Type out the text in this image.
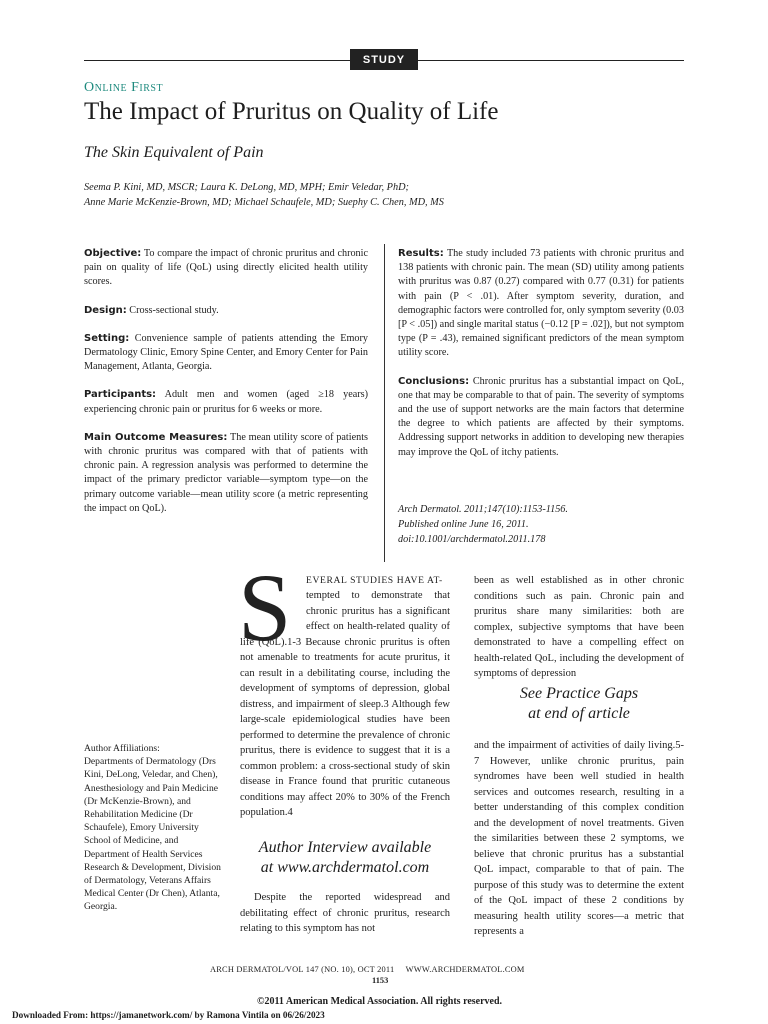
STUDY
Online First
The Impact of Pruritus on Quality of Life
The Skin Equivalent of Pain
Seema P. Kini, MD, MSCR; Laura K. DeLong, MD, MPH; Emir Veledar, PhD;
Anne Marie McKenzie-Brown, MD; Michael Schaufele, MD; Suephy C. Chen, MD, MS

Objective: To compare the impact of chronic pruritus and chronic pain on quality of life (QoL) using directly elicited health utility scores.

Design: Cross-sectional study.

Setting: Convenience sample of patients attending the Emory Dermatology Clinic, Emory Spine Center, and Emory Center for Pain Management, Atlanta, Georgia.

Participants: Adult men and women (aged ≥18 years) experiencing chronic pain or pruritus for 6 weeks or more.

Main Outcome Measures: The mean utility score of patients with chronic pruritus was compared with that of patients with chronic pain. A regression analysis was performed to determine the impact of the primary predictor variable—symptom type—on the primary outcome variable—mean utility score (a metric representing the impact on QoL).

Results: The study included 73 patients with chronic pruritus and 138 patients with chronic pain. The mean (SD) utility among patients with pruritus was 0.87 (0.27) compared with 0.77 (0.31) for patients with pain (P < .01). After symptom severity, duration, and demographic factors were controlled for, only symptom severity (0.03 [P < .05]) and single marital status (−0.12 [P = .02]), but not symptom type (P = .43), remained significant predictors of the mean symptom utility score.

Conclusions: Chronic pruritus has a substantial impact on QoL, one that may be comparable to that of pain. The severity of symptoms and the use of support networks are the main factors that determine the degree to which patients are affected by their symptoms. Addressing support networks in addition to developing new therapies may improve the QoL of itchy patients.

Arch Dermatol. 2011;147(10):1153-1156.
Published online June 16, 2011.
doi:10.1001/archdermatol.2011.178
S	EVERAL STUDIES HAVE AT-

tempted to demonstrate that chronic pruritus has a significant effect on health-related quality of life (QoL).1-3 Because chronic pruritus is often not amenable to treatments for acute pruritus, it can result in a debilitating course, including the development of symptoms of depression, global distress, and impairment of sleep.3 Although few large-scale epidemiological studies have been performed to determine the prevalence of chronic pruritus, there is evidence to suggest that it is a common problem: a cross-sectional study of skin disease in France found that pruritic cutaneous conditions may affect 20% to 30% of the French population.4
Author Interview available
at www.archdermatol.com
Despite the reported widespread and debilitating effect of chronic pruritus, research relating to this symptom has not
been as well established as in other chronic conditions such as pain. Chronic pain and pruritus share many similarities: both are complex, subjective symptoms that have been demonstrated to have a compelling effect on health-related QoL, including the development of symptoms of depression
See Practice Gaps
at end of article
and the impairment of activities of daily living.5-7 However, unlike chronic pruritus, pain syndromes have been well studied in health services and outcomes research, resulting in a better understanding of this complex condition and the development of novel treatments. Given the similarities between these 2 symptoms, we believe that chronic pruritus has a substantial QoL impact, comparable to that of pain. The purpose of this study was to determine the extent of the QoL impact of these 2 conditions by measuring health utility scores—a metric that represents a
Author Affiliations:
Departments of Dermatology (Drs Kini, DeLong, Veledar, and Chen), Anesthesiology and Pain Medicine (Dr McKenzie-Brown), and Rehabilitation Medicine (Dr Schaufele), Emory University School of Medicine, and Department of Health Services Research & Development, Division of Dermatology, Veterans Affairs Medical Center (Dr Chen), Atlanta, Georgia.
ARCH DERMATOL/VOL 147 (NO. 10), OCT 2011     WWW.ARCHDERMATOL.COM
1153
©2011 American Medical Association. All rights reserved.
Downloaded From: https://jamanetwork.com/ by Ramona Vintila on 06/26/2023
